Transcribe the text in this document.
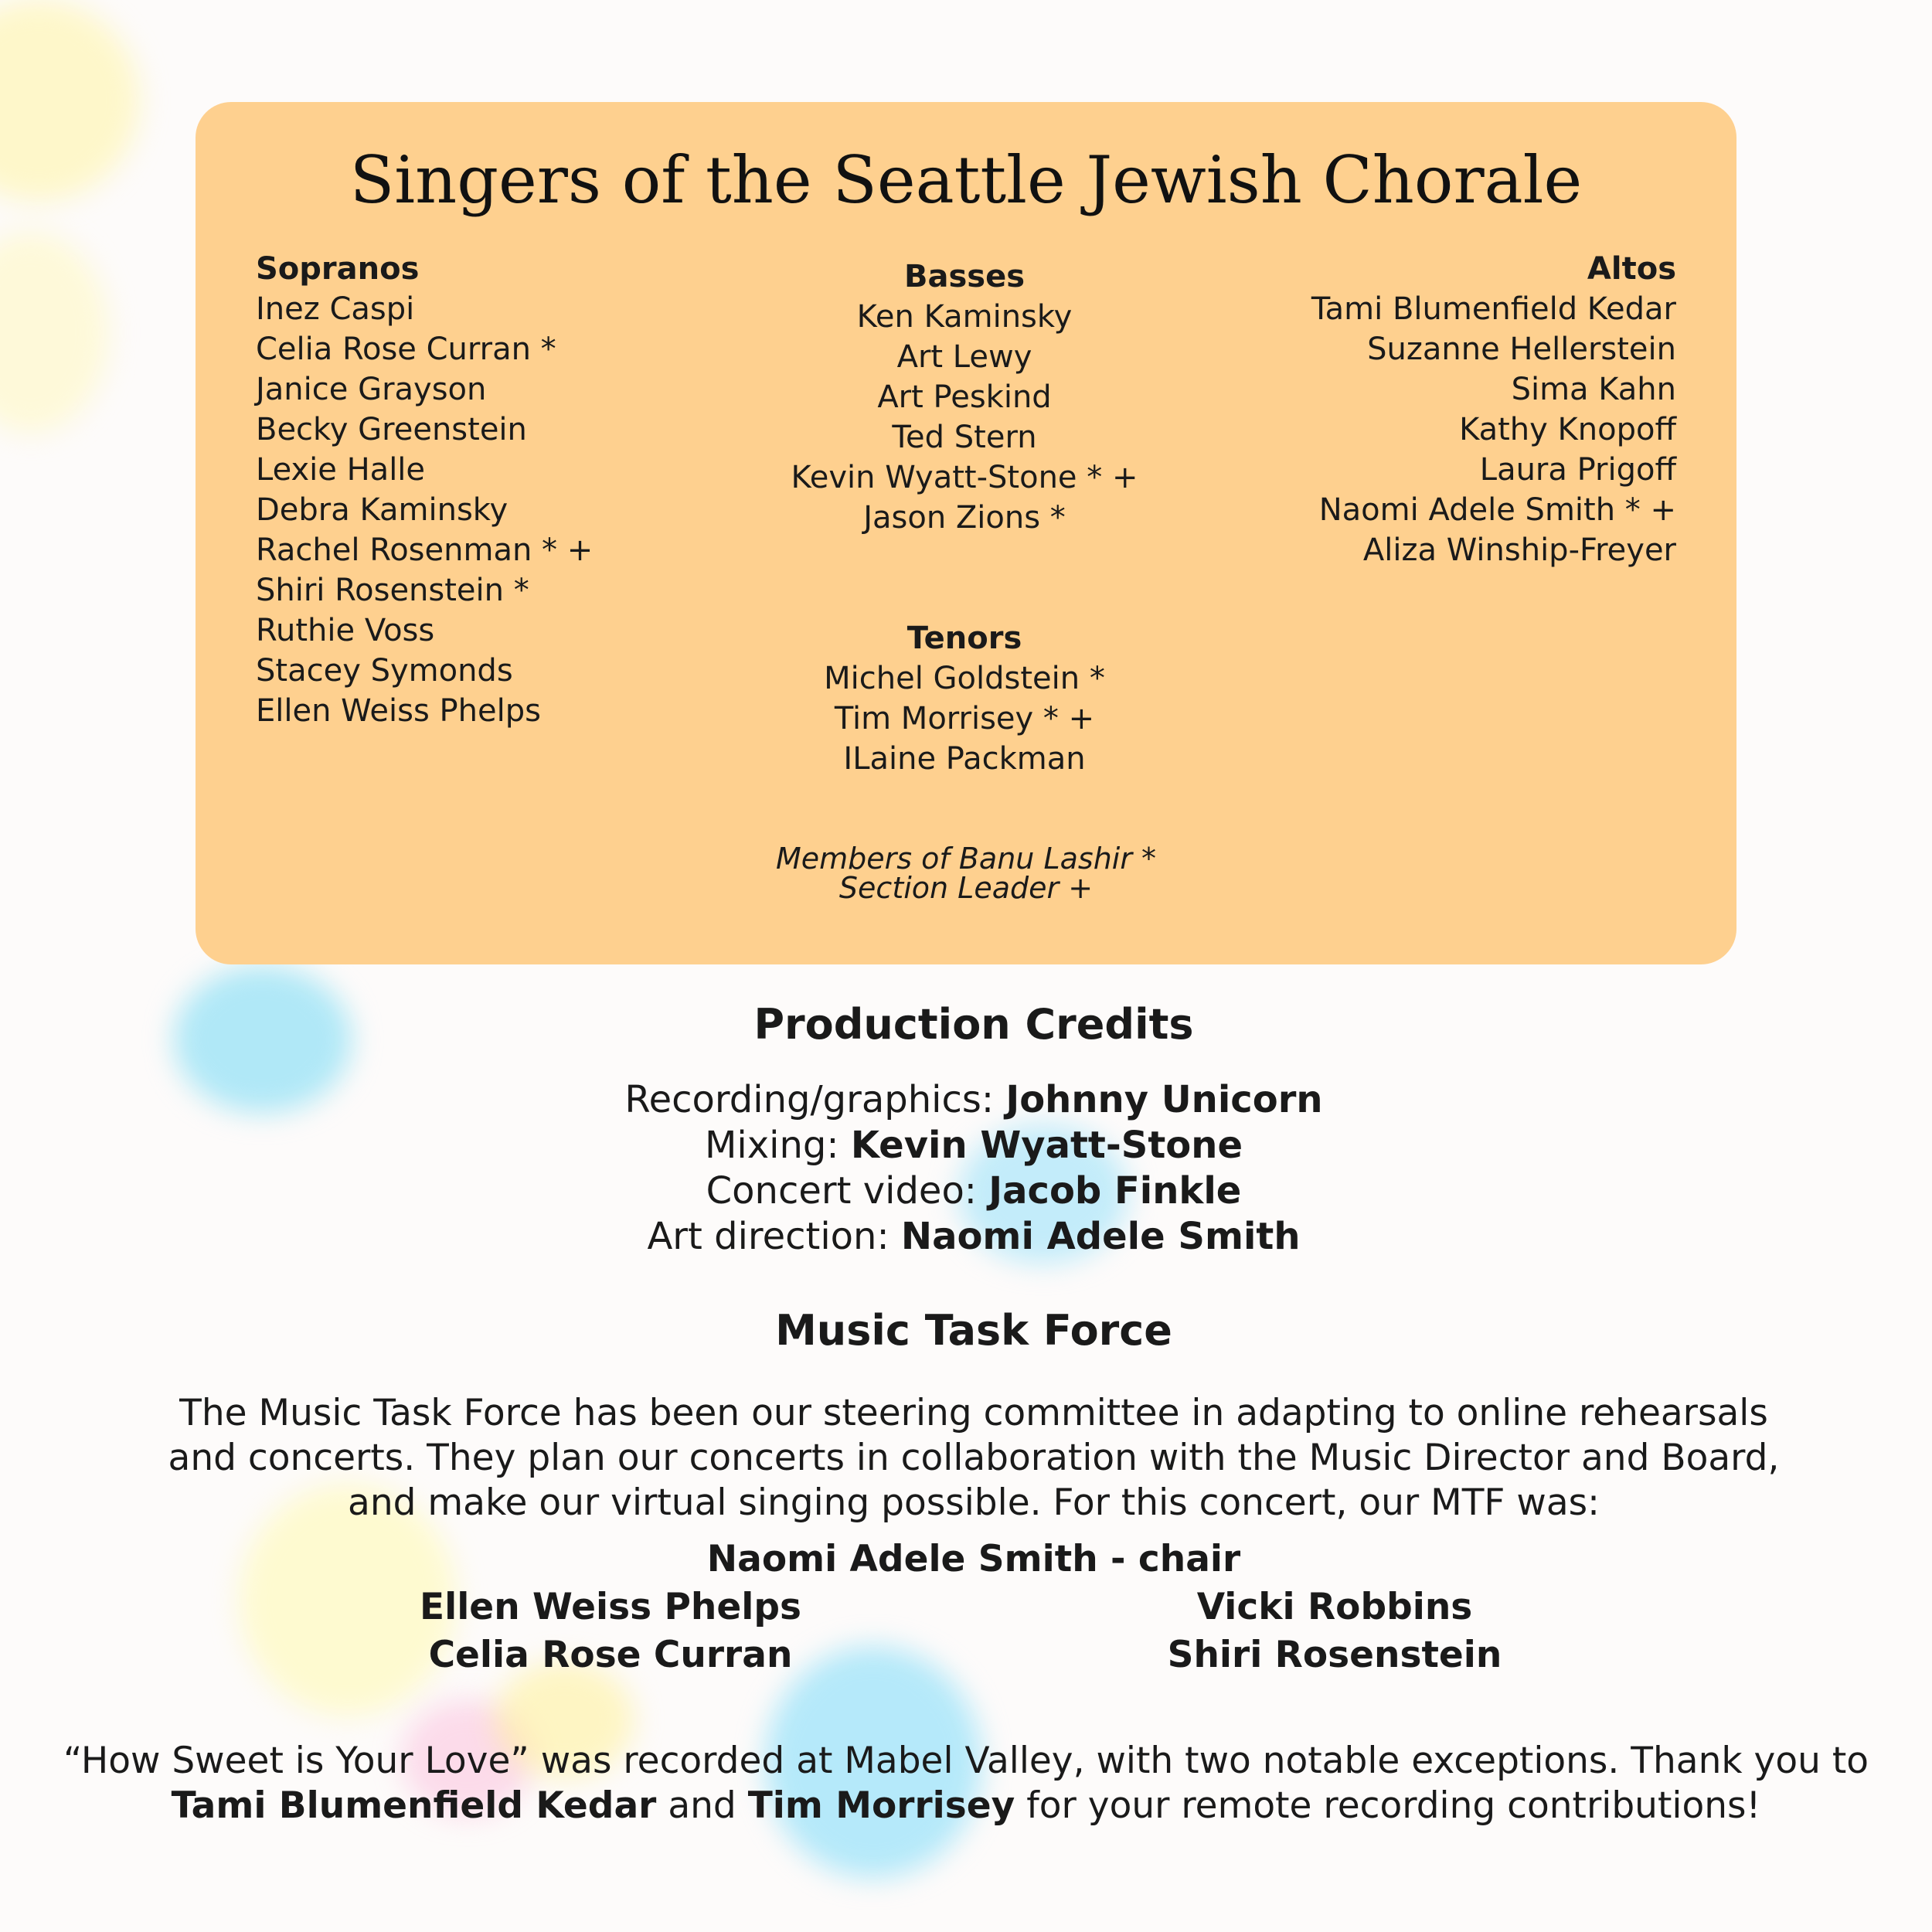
Singers of the Seattle Jewish Chorale
Sopranos
Inez Caspi
Celia Rose Curran *
Janice Grayson
Becky Greenstein
Lexie Halle
Debra Kaminsky
Rachel Rosenman * +
Shiri Rosenstein *
Ruthie Voss
Stacey Symonds
Ellen Weiss Phelps
Basses
Ken Kaminsky
Art Lewy
Art Peskind
Ted Stern
Kevin Wyatt-Stone * +
Jason Zions *
Tenors
Michel Goldstein *
Tim Morrisey * +
ILaine Packman
Altos
Tami Blumenfield Kedar
Suzanne Hellerstein
Sima Kahn
Kathy Knopoff
Laura Prigoff
Naomi Adele Smith * +
Aliza Winship-Freyer
Members of Banu Lashir *
Section Leader +
Production Credits
Recording/graphics: Johnny Unicorn
Mixing: Kevin Wyatt-Stone
Concert video: Jacob Finkle
Art direction: Naomi Adele Smith
Music Task Force
The Music Task Force has been our steering committee in adapting to online rehearsals and concerts. They plan our concerts in collaboration with the Music Director and Board, and make our virtual singing possible. For this concert, our MTF was:
Naomi Adele Smith - chair
Ellen Weiss Phelps	Vicki Robbins
Celia Rose Curran	Shiri Rosenstein
“How Sweet is Your Love” was recorded at Mabel Valley, with two notable exceptions. Thank you to Tami Blumenfield Kedar and Tim Morrisey for your remote recording contributions!
